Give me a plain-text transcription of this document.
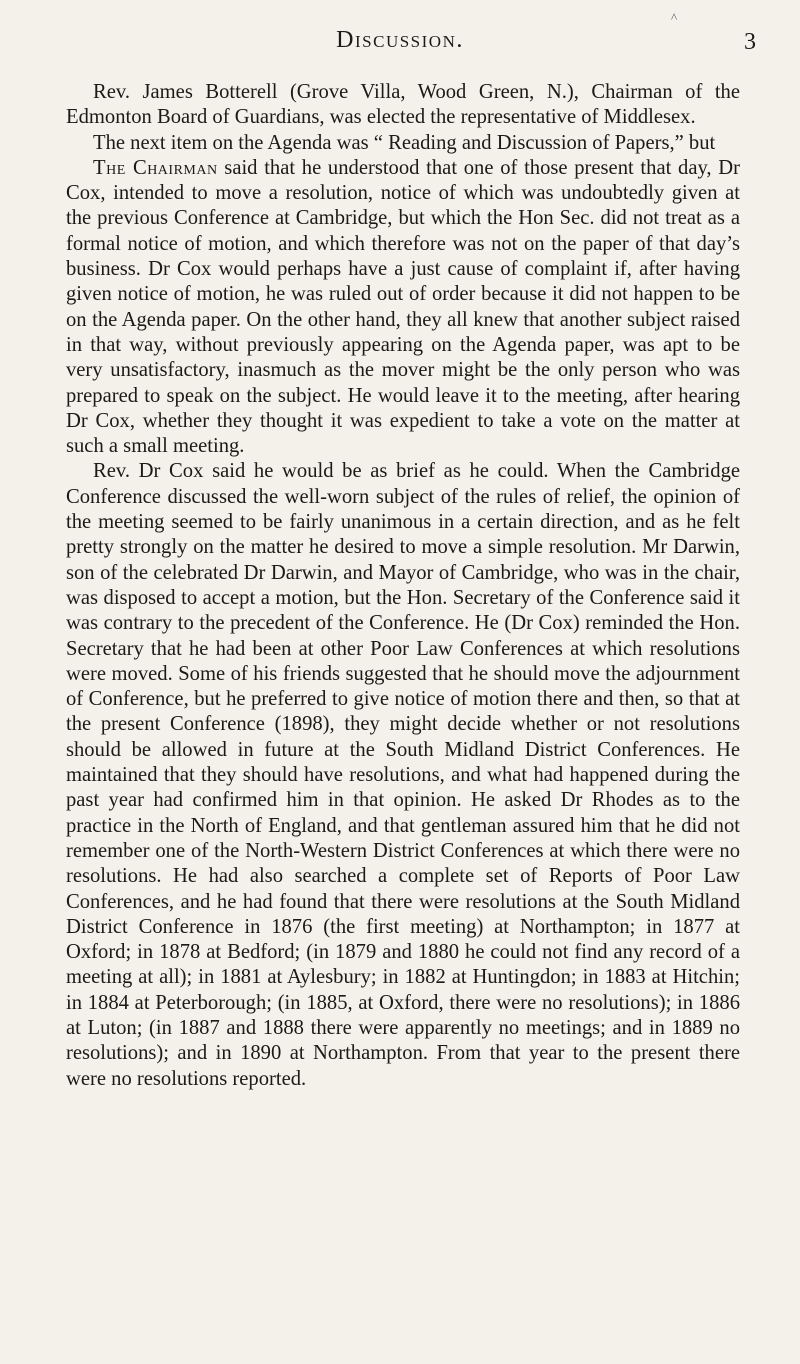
^
Discussion.	3

Rev. James Botterell (Grove Villa, Wood Green, N.), Chairman of the Edmonton Board of Guardians, was elected the representative of Middlesex.

The next item on the Agenda was “ Reading and Discussion of Papers,” but

The Chairman said that he understood that one of those present that day, Dr Cox, intended to move a resolution, notice of which was undoubtedly given at the previous Conference at Cambridge, but which the Hon Sec. did not treat as a formal notice of motion, and which therefore was not on the paper of that day’s business. Dr Cox would perhaps have a just cause of complaint if, after having given notice of motion, he was ruled out of order because it did not happen to be on the Agenda paper. On the other hand, they all knew that another subject raised in that way, without previously appearing on the Agenda paper, was apt to be very unsatisfactory, inasmuch as the mover might be the only person who was prepared to speak on the subject. He would leave it to the meeting, after hearing Dr Cox, whether they thought it was expedient to take a vote on the matter at such a small meeting.

Rev. Dr Cox said he would be as brief as he could. When the Cambridge Conference discussed the well-worn subject of the rules of relief, the opinion of the meeting seemed to be fairly unanimous in a certain direction, and as he felt pretty strongly on the matter he desired to move a simple resolution. Mr Darwin, son of the celebrated Dr Darwin, and Mayor of Cambridge, who was in the chair, was disposed to accept a motion, but the Hon. Secretary of the Conference said it was contrary to the precedent of the Conference. He (Dr Cox) reminded the Hon. Secretary that he had been at other Poor Law Conferences at which resolutions were moved. Some of his friends suggested that he should move the adjournment of Conference, but he preferred to give notice of motion there and then, so that at the present Conference (1898), they might decide whether or not resolutions should be allowed in future at the South Midland District Conferences. He maintained that they should have resolutions, and what had happened during the past year had confirmed him in that opinion. He asked Dr Rhodes as to the practice in the North of England, and that gentleman assured him that he did not remember one of the North-Western District Conferences at which there were no resolutions. He had also searched a complete set of Reports of Poor Law Conferences, and he had found that there were resolutions at the South Midland District Conference in 1876 (the first meeting) at Northampton; in 1877 at Oxford; in 1878 at Bedford; (in 1879 and 1880 he could not find any record of a meeting at all); in 1881 at Aylesbury; in 1882 at Huntingdon; in 1883 at Hitchin; in 1884 at Peterborough; (in 1885, at Oxford, there were no resolutions); in 1886 at Luton; (in 1887 and 1888 there were apparently no meetings; and in 1889 no resolutions); and in 1890 at Northampton. From that year to the present there were no resolutions reported.
